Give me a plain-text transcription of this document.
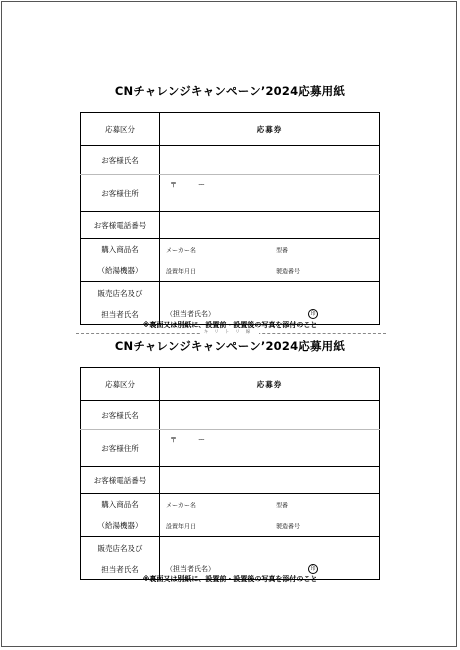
CNチャレンジキャンペーン’2024応募用紙
応募区分	応募券
お客様氏名	
お客様住所	〒 ー

お客様電話番号	
購入商品名	メーカー名 型番

（給湯機器）	設置年月日 製造番号

販売店名及び	
担当者氏名	（担当者氏名） 印
※裏面又は別紙に、設置前・設置後の写真を添付のこと
キリトリ線
CNチャレンジキャンペーン’2024応募用紙
応募区分	応募券
お客様氏名	
お客様住所	〒 ー

お客様電話番号	
購入商品名	メーカー名 型番

（給湯機器）	設置年月日 製造番号

販売店名及び	
担当者氏名	（担当者氏名） 印
※裏面又は別紙に、設置前・設置後の写真を添付のこと
